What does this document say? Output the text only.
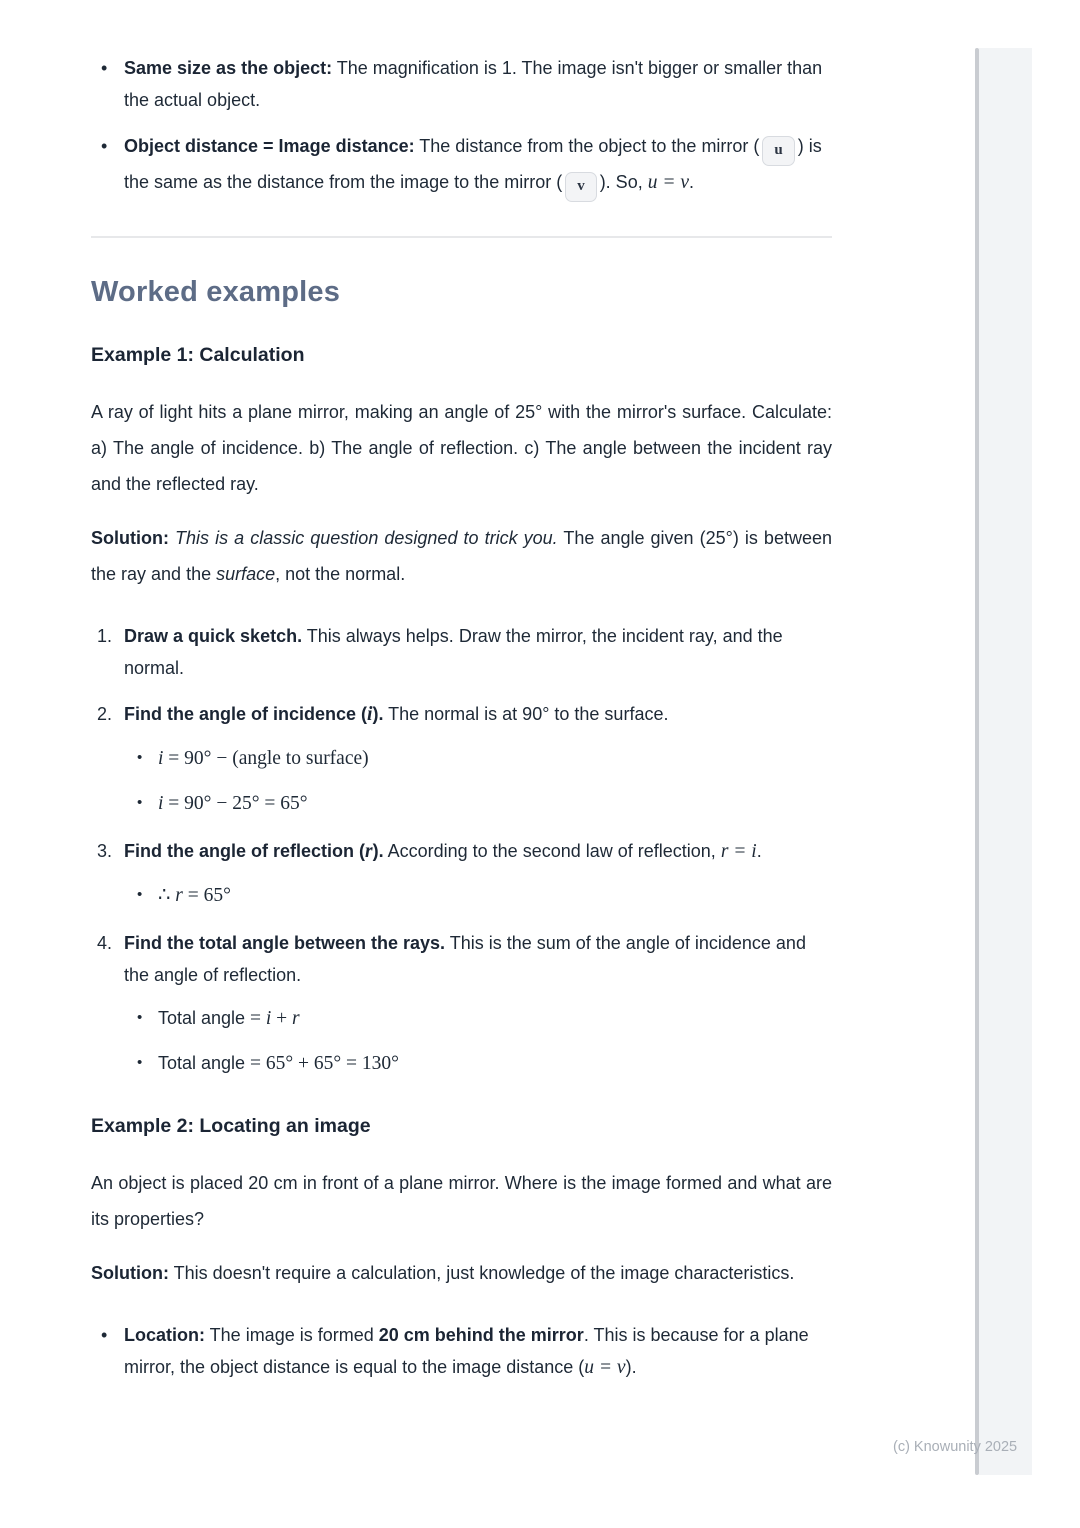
• Same size as the object: The magnification is 1. The image isn't bigger or smaller than the actual object.
• Object distance = Image distance: The distance from the object to the mirror ( u ) is the same as the distance from the image to the mirror ( v ). So, u = v.
Worked examples
Example 1: Calculation

A ray of light hits a plane mirror, making an angle of 25° with the mirror's surface. Calculate: a) The angle of incidence. b) The angle of reflection. c) The angle between the incident ray and the reflected ray.

Solution: This is a classic question designed to trick you. The angle given (25°) is between the ray and the surface, not the normal.

Draw a quick sketch. This always helps. Draw the mirror, the incident ray, and the normal.
Find the angle of incidence (i). The normal is at 90° to the surface.
• i = 90° − (angle to surface)
• i = 90° − 25° = 65°
Find the angle of reflection (r). According to the second law of reflection, r = i.
• ∴ r = 65°
Find the total angle between the rays. This is the sum of the angle of incidence and the angle of reflection.
• Total angle = i + r
• Total angle = 65° + 65° = 130°
Example 2: Locating an image

An object is placed 20 cm in front of a plane mirror. Where is the image formed and what are its properties?

Solution: This doesn't require a calculation, just knowledge of the image characteristics.

• Location: The image is formed 20 cm behind the mirror. This is because for a plane mirror, the object distance is equal to the image distance (u = v).
(c) Knowunity 2025
